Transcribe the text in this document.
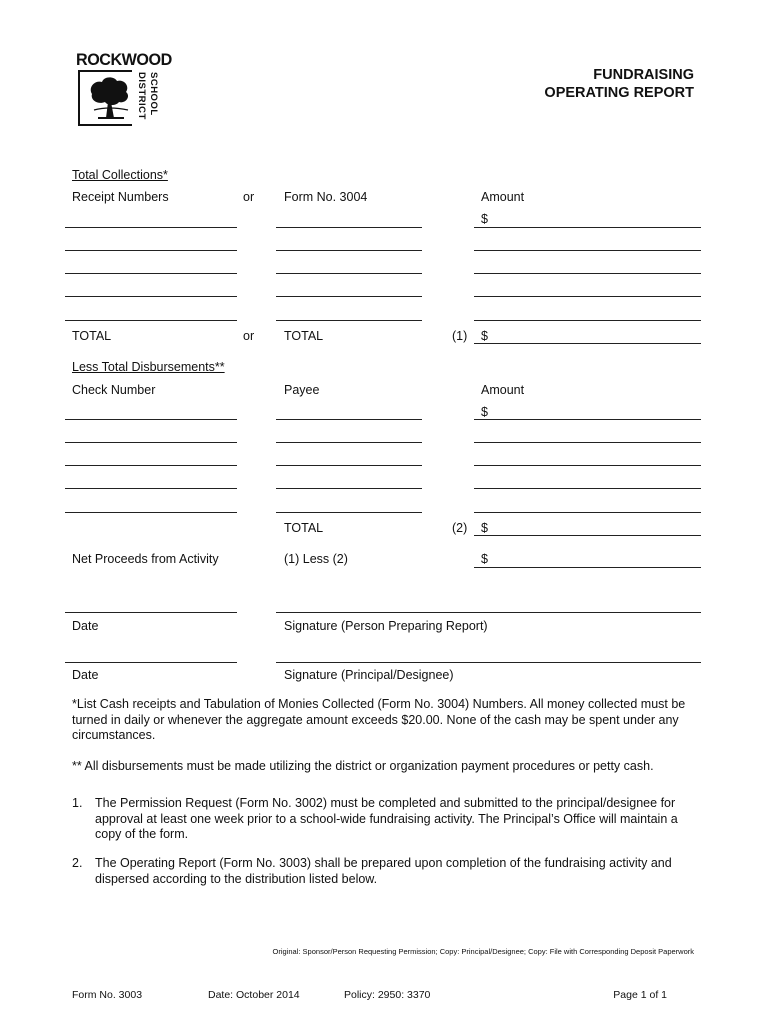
ROCKWOOD
SCHOOL
DISTRICT	FUNDRAISING
OPERATING REPORT
Total Collections*
Receipt Numbers	or Form No. 3004	Amount
$
TOTAL	or TOTAL	(1) $
Less Total Disbursements**
Check Number	Payee	Amount
$
TOTAL	(2) $
Net Proceeds from Activity	(1) Less (2)	$
Date	Signature (Person Preparing Report)
Date	Signature (Principal/Designee)
*List Cash receipts and Tabulation of Monies Collected (Form No. 3004) Numbers. All money collected must be turned in daily or whenever the aggregate amount exceeds $20.00. None of the cash may be spent under any circumstances.
** All disbursements must be made utilizing the district or organization payment procedures or petty cash.
1. The Permission Request (Form No. 3002) must be completed and submitted to the principal/designee for approval at least one week prior to a school-wide fundraising activity. The Principal’s Office will maintain a copy of the form.
2. The Operating Report (Form No. 3003) shall be prepared upon completion of the fundraising activity and dispersed according to the distribution listed below.
Original: Sponsor/Person Requesting Permission; Copy: Principal/Designee; Copy: File with Corresponding Deposit Paperwork
Form No. 3003	Date: October 2014	Policy: 2950: 3370	Page 1 of 1
